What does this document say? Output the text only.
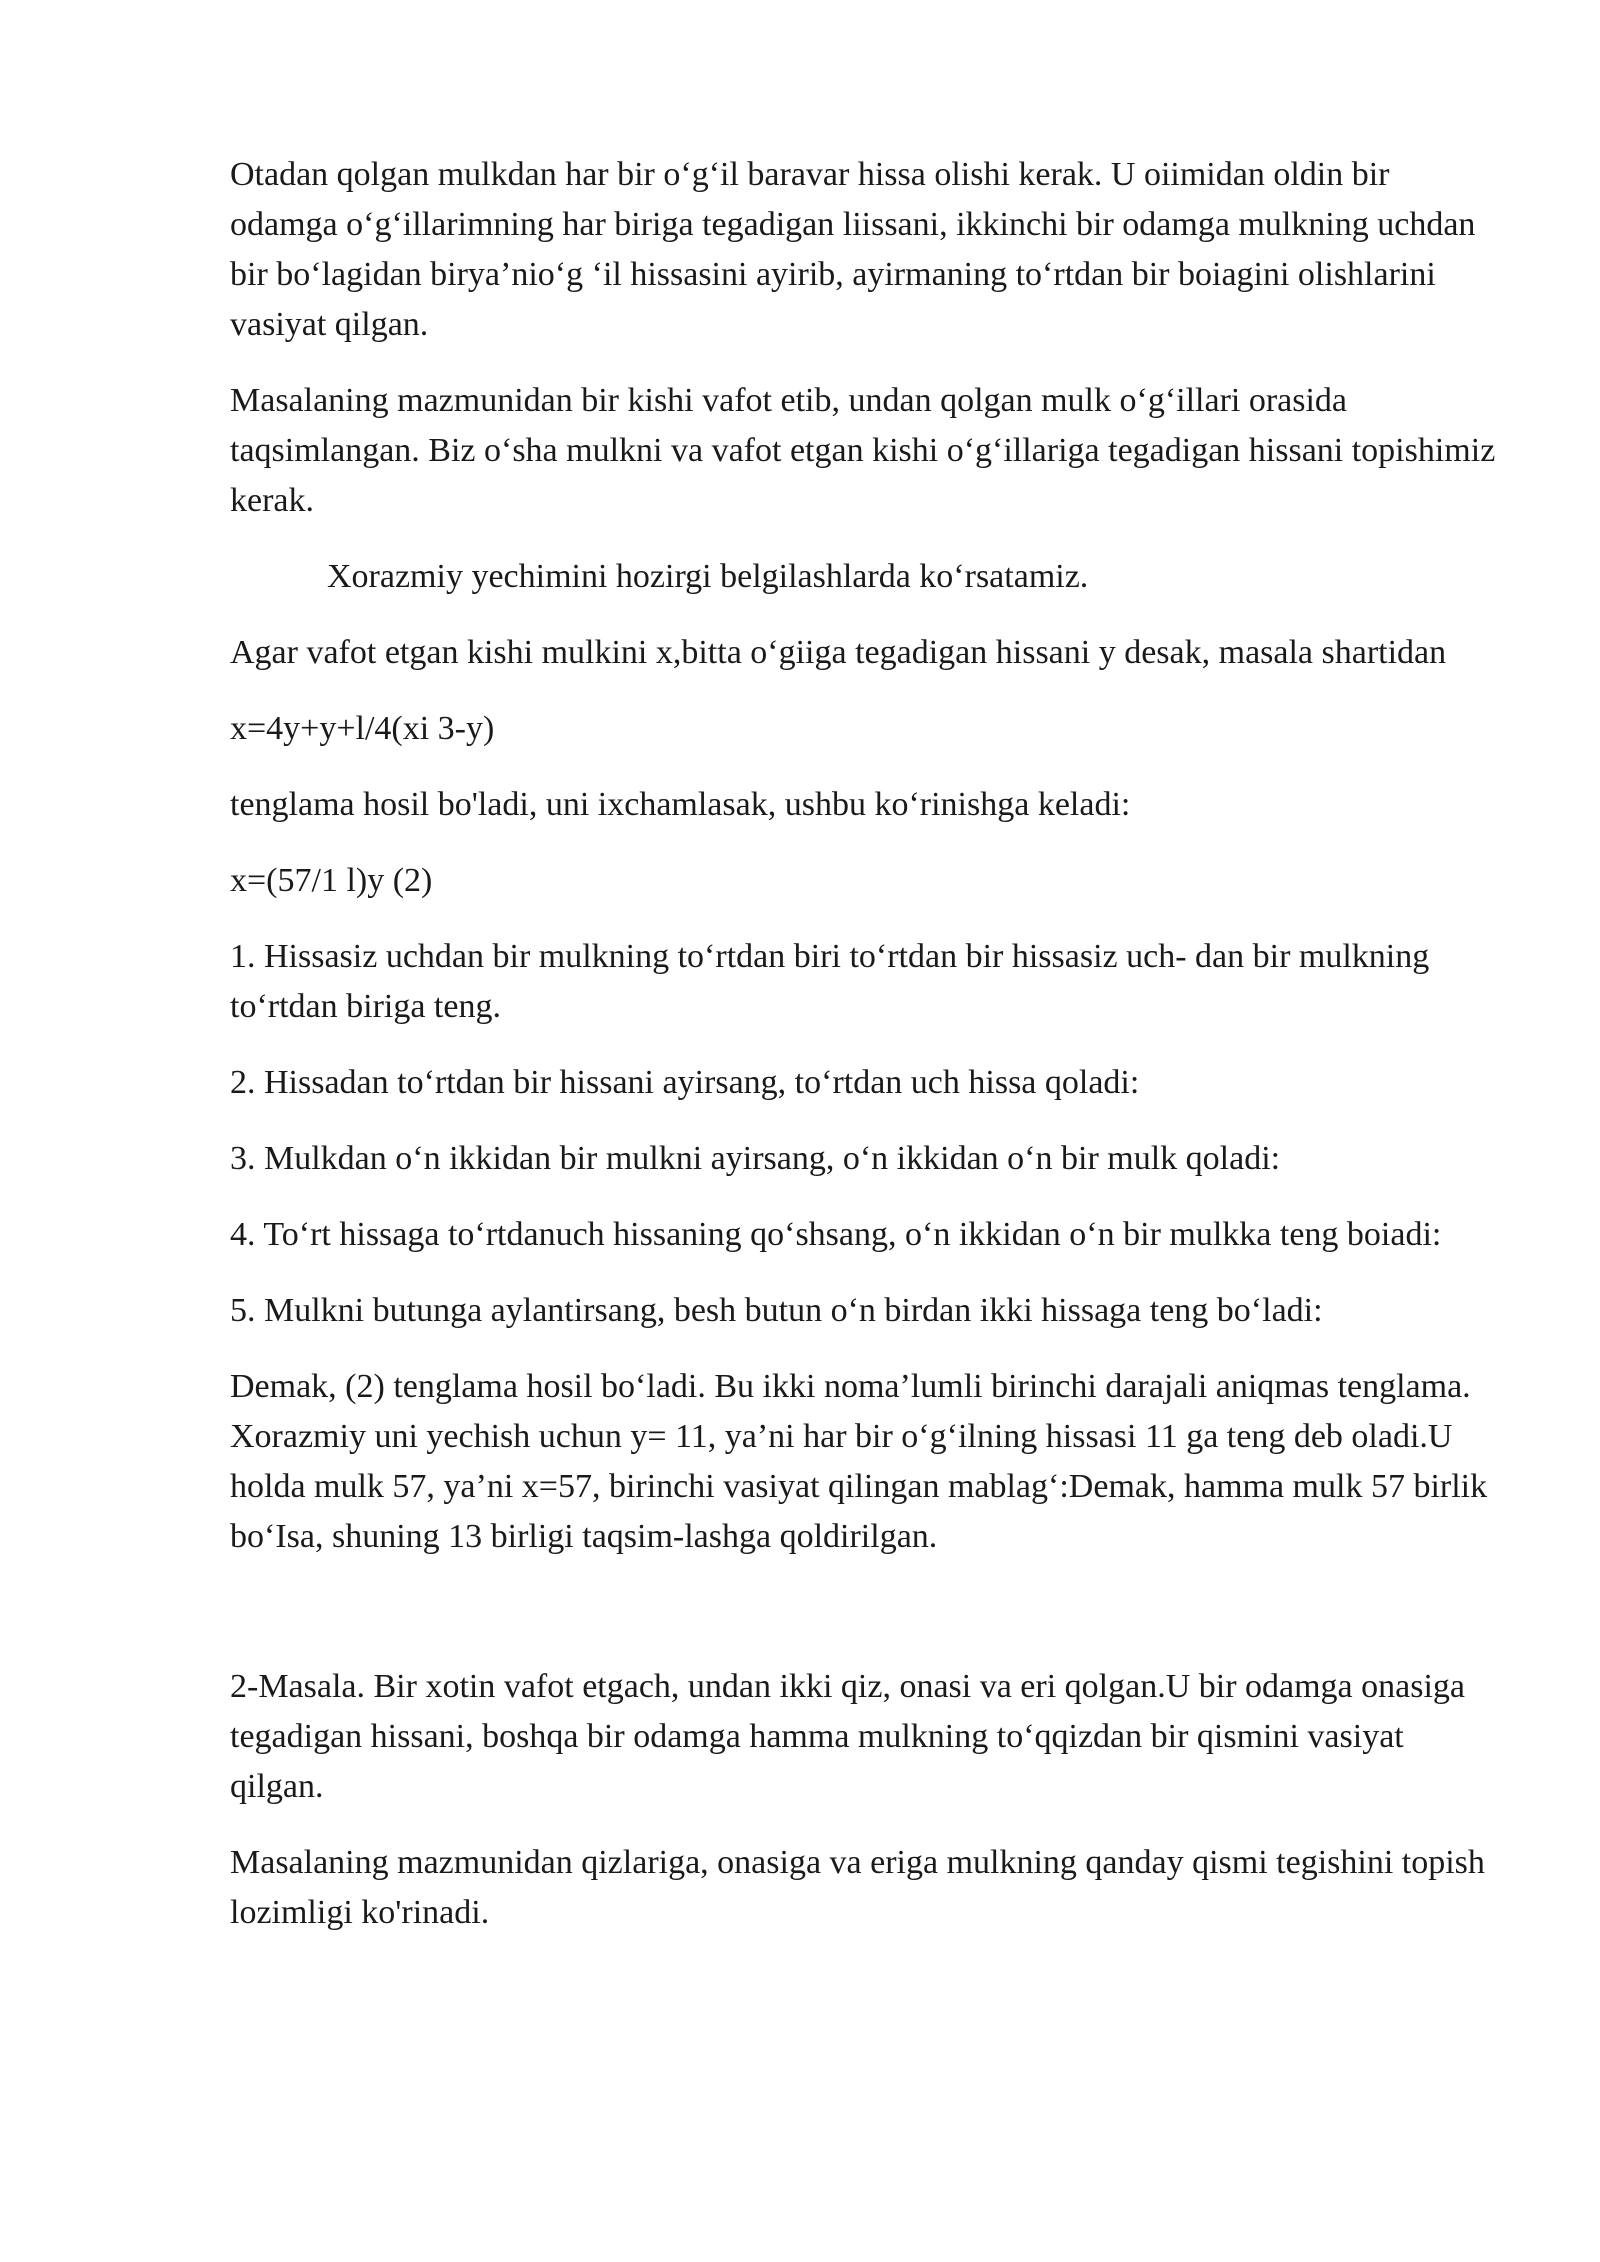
Otadan qolgan mulkdan har bir o‘g‘il baravar hissa olishi kerak. U oiimidan oldin bir odamga o‘g‘illarimning har biriga tegadigan liissani, ikkinchi bir odamga mulkning uchdan bir bo‘lagidan birya’nio‘g ‘il hissasini ayirib, ayirmaning to‘rtdan bir boiagini olishlarini vasiyat qilgan.

Masalaning mazmunidan bir kishi vafot etib, undan qolgan mulk o‘g‘illari orasida taqsimlangan. Biz o‘sha mulkni va vafot etgan kishi o‘g‘illariga tegadigan hissani topishimiz kerak.

Xorazmiy yechimini hozirgi belgilashlarda ko‘rsatamiz.

Agar vafot etgan kishi mulkini x,bitta o‘giiga tegadigan hissani y desak, masala shartidan

x=4y+y+l/4(xi 3-y)

tenglama hosil bo'ladi, uni ixchamlasak, ushbu ko‘rinishga keladi:

x=(57/1 l)y (2)

1. Hissasiz uchdan bir mulkning to‘rtdan biri to‘rtdan bir hissasiz uch- dan bir mulkning to‘rtdan biriga teng.

2. Hissadan to‘rtdan bir hissani ayirsang, to‘rtdan uch hissa qoladi:

3. Mulkdan o‘n ikkidan bir mulkni ayirsang, o‘n ikkidan o‘n bir mulk qoladi:

4. To‘rt hissaga to‘rtdanuch hissaning qo‘shsang, o‘n ikkidan o‘n bir mulkka teng boiadi:

5. Mulkni butunga aylantirsang, besh butun o‘n birdan ikki hissaga teng bo‘ladi:

Demak, (2) tenglama hosil bo‘ladi. Bu ikki noma’lumli birinchi darajali aniqmas tenglama. Xorazmiy uni yechish uchun y= 11, ya’ni har bir o‘g‘ilning hissasi 11 ga teng deb oladi.U holda mulk 57, ya’ni x=57, birinchi vasiyat qilingan mablag‘:Demak, hamma mulk 57 birlik bo‘Isa, shuning 13 birligi taqsim-lashga qoldirilgan.

2-Masala. Bir xotin vafot etgach, undan ikki qiz, onasi va eri qolgan.U bir odamga onasiga tegadigan hissani, boshqa bir odamga hamma mulkning to‘qqizdan bir qismini vasiyat qilgan.

Masalaning mazmunidan qizlariga, onasiga va eriga mulkning qanday qismi tegishini topish lozimligi ko'rinadi.
